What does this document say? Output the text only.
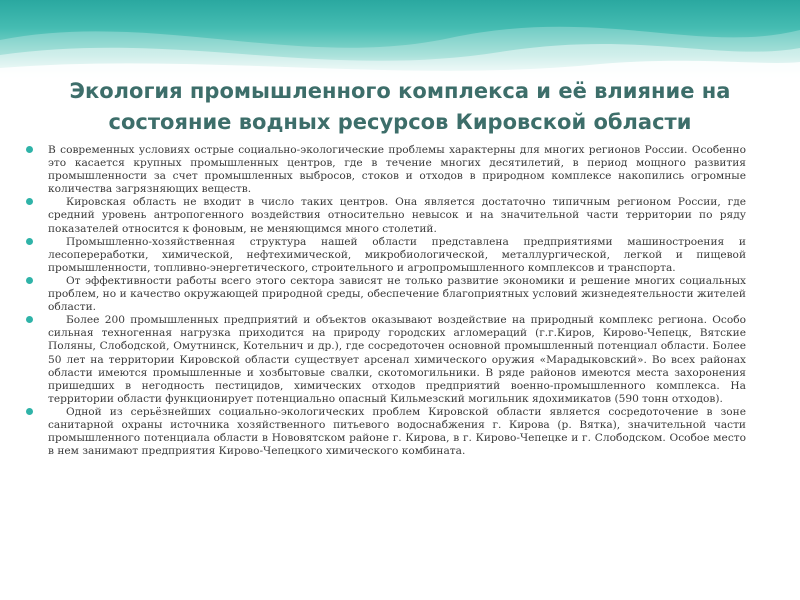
Экология промышленного комплекса и её влияние на
состояние водных ресурсов Кировской области
В современных условиях острые социально-экологические проблемы характерны для многих регионов России. Особенно это касается крупных промышленных центров, где в течение многих десятилетий, в период мощного развития промышленности за счет промышленных выбросов, стоков и отходов в природном комплексе накопились огромные количества загрязняющих веществ.
Кировская область не входит в число таких центров. Она является достаточно типичным регионом России, где средний уровень антропогенного воздействия относительно невысок и на значительной части территории по ряду показателей относится к фоновым, не меняющимся много столетий.
Промышленно-хозяйственная структура нашей области представлена предприятиями машиностроения и лесопереработки, химической, нефтехимической, микробиологической, металлургической, легкой и пищевой промышленности, топливно-энергетического, строительного и агропромышленного комплексов и транспорта.
От эффективности работы всего этого сектора зависят не только развитие экономики и решение многих социальных проблем, но и качество окружающей природной среды, обеспечение благоприятных условий жизнедеятельности жителей области.
Более 200 промышленных предприятий и объектов оказывают воздействие на природный комплекс региона. Особо сильная техногенная нагрузка приходится на природу городских агломераций (г.г.Киров, Кирово-Чепецк, Вятские Поляны, Слободской, Омутнинск, Котельнич и др.), где сосредоточен основной промышленный потенциал области. Более 50 лет на территории Кировской области существует арсенал химического оружия «Марадыковский». Во всех районах области имеются промышленные и хозбытовые свалки, скотомогильники. В ряде районов имеются места захоронения пришедших в негодность пестицидов, химических отходов предприятий военно-промышленного комплекса. На территории области функционирует потенциально опасный Кильмезский могильник ядохимикатов (590 тонн отходов).
Одной из серьёзнейших социально-экологических проблем Кировской области является сосредоточение в зоне санитарной охраны источника хозяйственного питьевого водоснабжения г. Кирова (р. Вятка), значительной части промышленного потенциала области в Нововятском районе г. Кирова, в г. Кирово-Чепецке и г. Слободском. Особое место в нем занимают предприятия Кирово-Чепецкого химического комбината.
